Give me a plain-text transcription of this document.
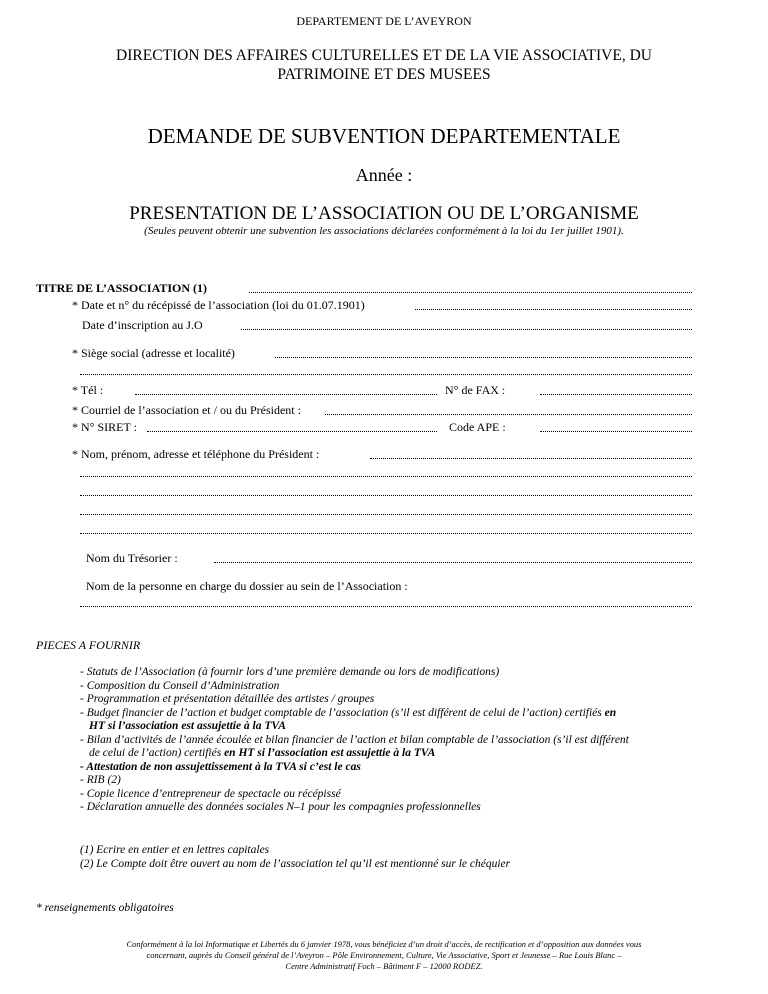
DEPARTEMENT DE L’AVEYRON
DIRECTION DES AFFAIRES CULTURELLES ET DE LA VIE ASSOCIATIVE, DU
PATRIMOINE ET DES MUSEES
DEMANDE DE SUBVENTION DEPARTEMENTALE
Année :
PRESENTATION DE L’ASSOCIATION OU DE L’ORGANISME
(Seules peuvent obtenir une subvention les associations déclarées conformément à la loi du 1er juillet 1901).
TITRE DE L’ASSOCIATION (1)
* Date et n° du récépissé de l’association (loi du 01.07.1901)
Date d’inscription au J.O
* Siège social (adresse et localité)
* Tél :	N° de FAX :
* Courriel de l’association et / ou du Président :
* N° SIRET :	Code APE :
* Nom, prénom, adresse et téléphone du Président :
Nom du Trésorier :
Nom de la personne en charge du dossier au sein de l’Association :
PIECES A FOURNIR
- Statuts de l’Association (à fournir lors d’une première demande ou lors de modifications)
- Composition du Conseil d’Administration
- Programmation et présentation détaillée des artistes / groupes
- Budget financier de l’action et budget comptable de l’association (s’il est différent de celui de l’action) certifiés en
HT si l’association est assujettie à la TVA
- Bilan d’activités de l’année écoulée et bilan financier de l’action et bilan comptable de l’association (s’il est différent
de celui de l’action) certifiés en HT si l’association est assujettie à la TVA
- Attestation de non assujettissement à la TVA si c’est le cas
- RIB (2)
- Copie licence d’entrepreneur de spectacle ou récépissé
- Déclaration annuelle des données sociales N–1 pour les compagnies professionnelles
(1) Ecrire en entier et en lettres capitales
(2) Le Compte doit être ouvert au nom de l’association tel qu’il est mentionné sur le chéquier
* renseignements obligatoires
Conformément à la loi Informatique et Libertés du 6 janvier 1978, vous bénéficiez d’un droit d’accès, de rectification et d’opposition aux données vous
concernant, auprès du Conseil général de l’Aveyron – Pôle Environnement, Culture, Vie Associative, Sport et Jeunesse – Rue Louis Blanc –
Centre Administratif Foch – Bâtiment F – 12000 RODEZ.
